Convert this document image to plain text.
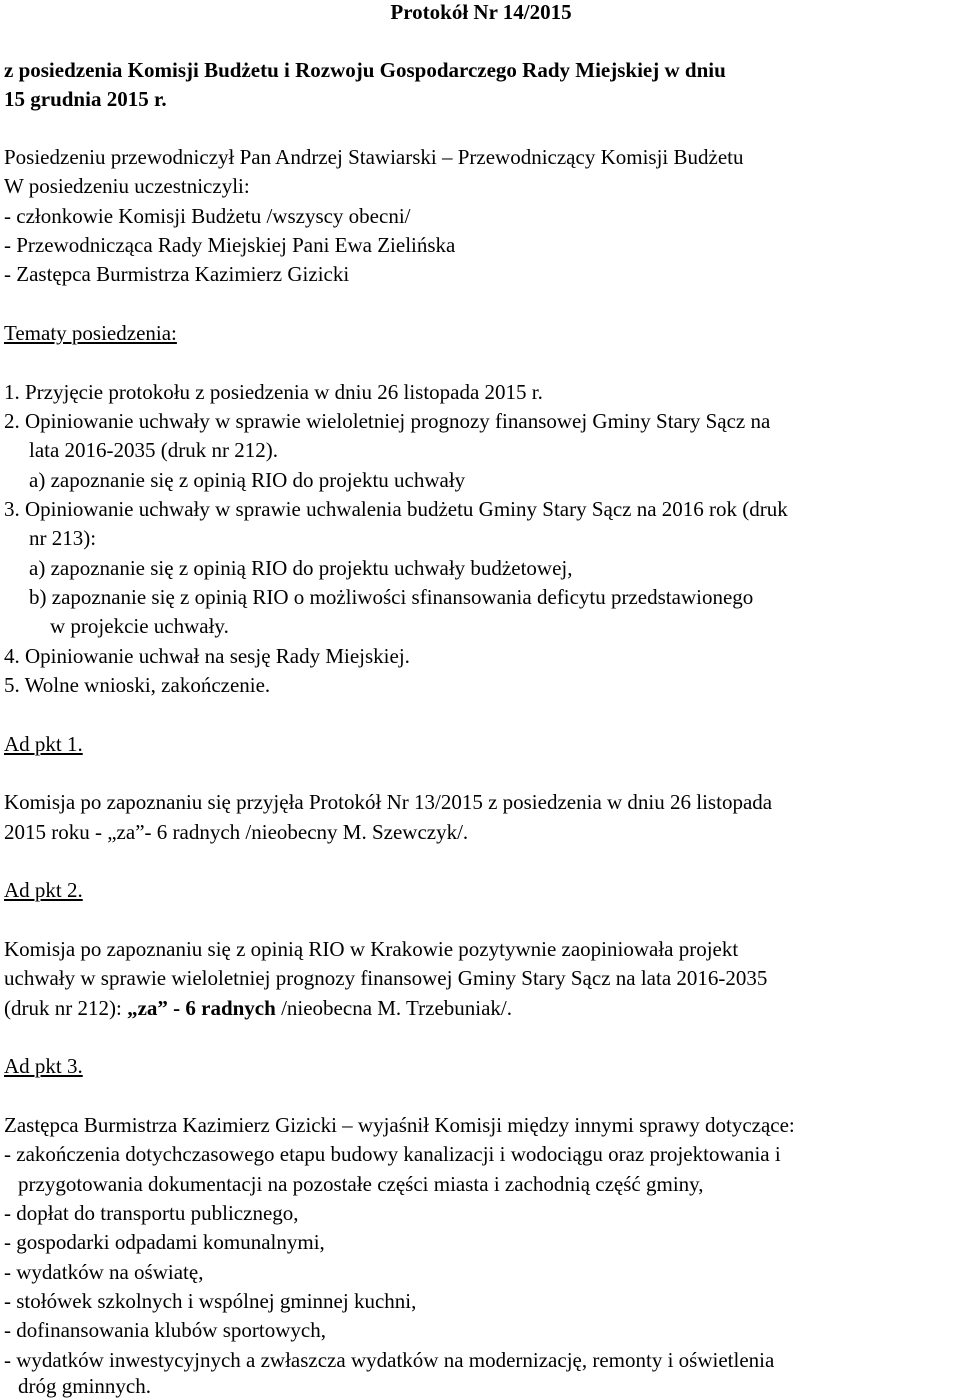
Protokół Nr 14/2015
z posiedzenia Komisji Budżetu i Rozwoju Gospodarczego Rady Miejskiej w dniu
15 grudnia 2015 r.
Posiedzeniu przewodniczył Pan Andrzej Stawiarski – Przewodniczący Komisji Budżetu
W posiedzeniu uczestniczyli:
- członkowie Komisji Budżetu /wszyscy obecni/
- Przewodnicząca Rady Miejskiej Pani Ewa Zielińska
- Zastępca Burmistrza Kazimierz Gizicki
Tematy posiedzenia:
1. Przyjęcie protokołu z posiedzenia w dniu 26 listopada 2015 r.
2. Opiniowanie uchwały w sprawie wieloletniej prognozy finansowej Gminy Stary Sącz na
lata 2016-2035 (druk nr 212).
a) zapoznanie się z opinią RIO do projektu uchwały
3. Opiniowanie uchwały w sprawie uchwalenia budżetu Gminy Stary Sącz na 2016 rok (druk
nr 213):
a) zapoznanie się z opinią RIO do projektu uchwały budżetowej,
b) zapoznanie się z opinią RIO o możliwości sfinansowania deficytu przedstawionego
w projekcie uchwały.
4. Opiniowanie uchwał na sesję Rady Miejskiej.
5. Wolne wnioski, zakończenie.
Ad pkt 1.
Komisja po zapoznaniu się przyjęła Protokół Nr 13/2015 z posiedzenia w dniu 26 listopada
2015 roku - „za”- 6 radnych /nieobecny M. Szewczyk/.
Ad pkt 2.
Komisja po zapoznaniu się z opinią RIO w Krakowie pozytywnie zaopiniowała projekt
uchwały w sprawie wieloletniej prognozy finansowej Gminy Stary Sącz na lata 2016-2035
(druk nr 212): „za” - 6 radnych /nieobecna M. Trzebuniak/.
Ad pkt 3.
Zastępca Burmistrza Kazimierz Gizicki – wyjaśnił Komisji między innymi sprawy dotyczące:
- zakończenia dotychczasowego etapu budowy kanalizacji i wodociągu oraz projektowania i
przygotowania dokumentacji na pozostałe części miasta i zachodnią część gminy,
- dopłat do transportu publicznego,
- gospodarki odpadami komunalnymi,
- wydatków na oświatę,
- stołówek szkolnych i wspólnej gminnej kuchni,
- dofinansowania klubów sportowych,
- wydatków inwestycyjnych a zwłaszcza wydatków na modernizację, remonty i oświetlenia
dróg gminnych.
